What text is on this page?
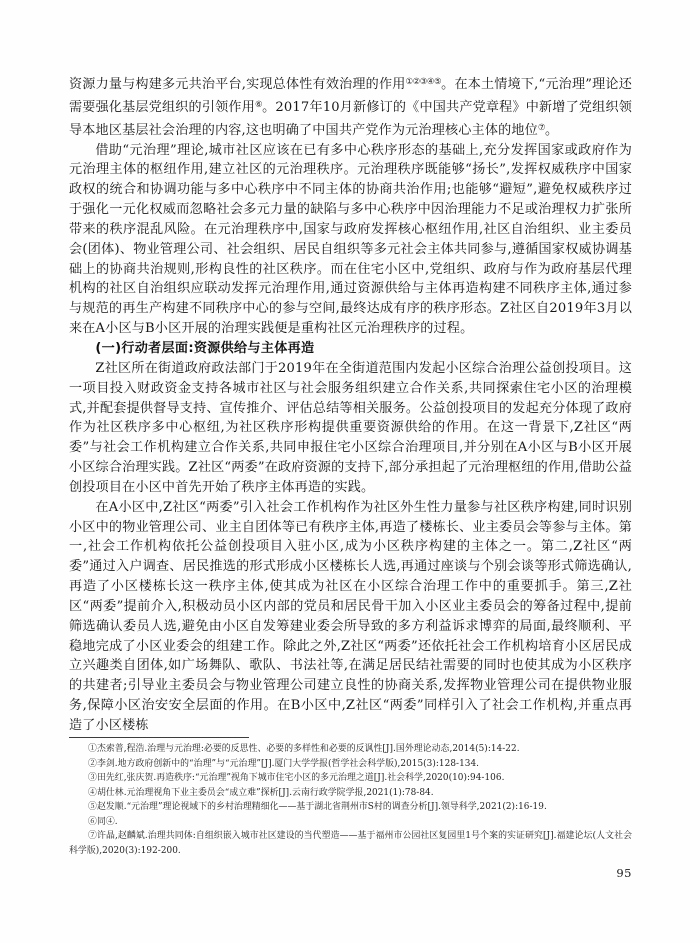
资源力量与构建多元共治平台,实现总体性有效治理的作用①②③④⑤。在本土情境下,“元治理”理论还需要强化基层党组织的引领作用⑥。2017年10月新修订的《中国共产党章程》中新增了党组织领导本地区基层社会治理的内容,这也明确了中国共产党作为元治理核心主体的地位⑦。

借助“元治理”理论,城市社区应该在已有多中心秩序形态的基础上,充分发挥国家或政府作为元治理主体的枢纽作用,建立社区的元治理秩序。元治理秩序既能够“扬长”,发挥权威秩序中国家政权的统合和协调功能与多中心秩序中不同主体的协商共治作用;也能够“避短”,避免权威秩序过于强化一元化权威而忽略社会多元力量的缺陷与多中心秩序中因治理能力不足或治理权力扩张所带来的秩序混乱风险。在元治理秩序中,国家与政府发挥核心枢纽作用,社区自治组织、业主委员会(团体)、物业管理公司、社会组织、居民自组织等多元社会主体共同参与,遵循国家权威协调基础上的协商共治规则,形构良性的社区秩序。而在住宅小区中,党组织、政府与作为政府基层代理机构的社区自治组织应联动发挥元治理作用,通过资源供给与主体再造构建不同秩序主体,通过参与规范的再生产构建不同秩序中心的参与空间,最终达成有序的秩序形态。Z社区自2019年3月以来在A小区与B小区开展的治理实践便是重构社区元治理秩序的过程。

(一)行动者层面:资源供给与主体再造

Z社区所在街道政府政法部门于2019年在全街道范围内发起小区综合治理公益创投项目。这一项目投入财政资金支持各城市社区与社会服务组织建立合作关系,共同探索住宅小区的治理模式,并配套提供督导支持、宣传推介、评估总结等相关服务。公益创投项目的发起充分体现了政府作为社区秩序多中心枢纽,为社区秩序形构提供重要资源供给的作用。在这一背景下,Z社区“两委”与社会工作机构建立合作关系,共同申报住宅小区综合治理项目,并分别在A小区与B小区开展小区综合治理实践。Z社区“两委”在政府资源的支持下,部分承担起了元治理枢纽的作用,借助公益创投项目在小区中首先开始了秩序主体再造的实践。

在A小区中,Z社区“两委”引入社会工作机构作为社区外生性力量参与社区秩序构建,同时识别小区中的物业管理公司、业主自团体等已有秩序主体,再造了楼栋长、业主委员会等参与主体。第一,社会工作机构依托公益创投项目入驻小区,成为小区秩序构建的主体之一。第二,Z社区“两委”通过入户调查、居民推选的形式形成小区楼栋长人选,再通过座谈与个别会谈等形式筛选确认,再造了小区楼栋长这一秩序主体,使其成为社区在小区综合治理工作中的重要抓手。第三,Z社区“两委”提前介入,积极动员小区内部的党员和居民骨干加入小区业主委员会的筹备过程中,提前筛选确认委员人选,避免由小区自发筹建业委会所导致的多方利益诉求博弈的局面,最终顺利、平稳地完成了小区业委会的组建工作。除此之外,Z社区“两委”还依托社会工作机构培育小区居民成立兴趣类自团体,如广场舞队、歌队、书法社等,在满足居民结社需要的同时也使其成为小区秩序的共建者;引导业主委员会与物业管理公司建立良性的协商关系,发挥物业管理公司在提供物业服务,保障小区治安安全层面的作用。在B小区中,Z社区“两委”同样引入了社会工作机构,并重点再造了小区楼栋

①杰索普,程浩.治理与元治理:必要的反思性、必要的多样性和必要的反讽性[J].国外理论动态,2014(5):14-22.

②李剑.地方政府创新中的“治理”与“元治理”[J].厦门大学学报(哲学社会科学版),2015(3):128-134.

③田先红,张庆贺.再造秩序:“元治理”视角下城市住宅小区的多元治理之道[J].社会科学,2020(10):94-106.

④胡仕林.元治理视角下业主委员会“成立难”探析[J].云南行政学院学报,2021(1):78-84.

⑤赵发顺.“元治理”理论视域下的乡村治理精细化——基于湖北省荆州市S村的调查分析[J].领导科学,2021(2):16-19.

⑥同④.

⑦许晶,赵麟斌.治理共同体:自组织嵌入城市社区建设的当代塑造——基于福州市公园社区复园里1号个案的实证研究[J].福建论坛(人文社会科学版),2020(3):192-200.

95
